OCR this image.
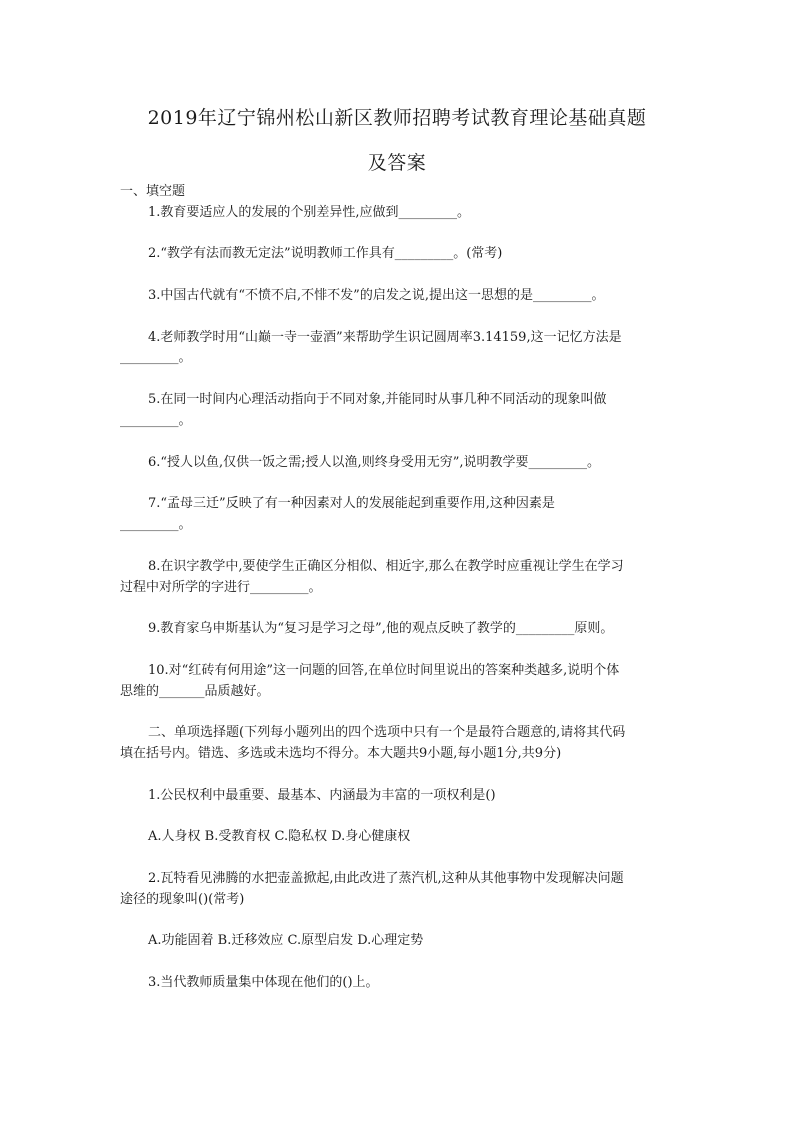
2019年辽宁锦州松山新区教师招聘考试教育理论基础真题
及答案
一、填空题
1.教育要适应人的发展的个别差异性,应做到_________。
2.“教学有法而教无定法”说明教师工作具有_________。(常考)
3.中国古代就有“不愤不启,不悱不发”的启发之说,提出这一思想的是_________。
4.老师教学时用“山巅一寺一壶酒”来帮助学生识记圆周率3.14159,这一记忆方法是
_________。
5.在同一时间内心理活动指向于不同对象,并能同时从事几种不同活动的现象叫做
_________。
6.“授人以鱼,仅供一饭之需;授人以渔,则终身受用无穷”,说明教学要_________。
7.“孟母三迁”反映了有一种因素对人的发展能起到重要作用,这种因素是
_________。
8.在识字教学中,要使学生正确区分相似、相近字,那么在教学时应重视让学生在学习
过程中对所学的字进行_________。
9.教育家乌申斯基认为“复习是学习之母”,他的观点反映了教学的_________原则。
10.对“红砖有何用途”这一问题的回答,在单位时间里说出的答案种类越多,说明个体
思维的_______品质越好。
二、单项选择题(下列每小题列出的四个选项中只有一个是最符合题意的,请将其代码
填在括号内。错选、多选或未选均不得分。本大题共9小题,每小题1分,共9分)
1.公民权利中最重要、最基本、内涵最为丰富的一项权利是()
A.人身权 B.受教育权 C.隐私权 D.身心健康权
2.瓦特看见沸腾的水把壶盖掀起,由此改进了蒸汽机,这种从其他事物中发现解决问题
途径的现象叫()(常考)
A.功能固着 B.迁移效应 C.原型启发 D.心理定势
3.当代教师质量集中体现在他们的()上。
